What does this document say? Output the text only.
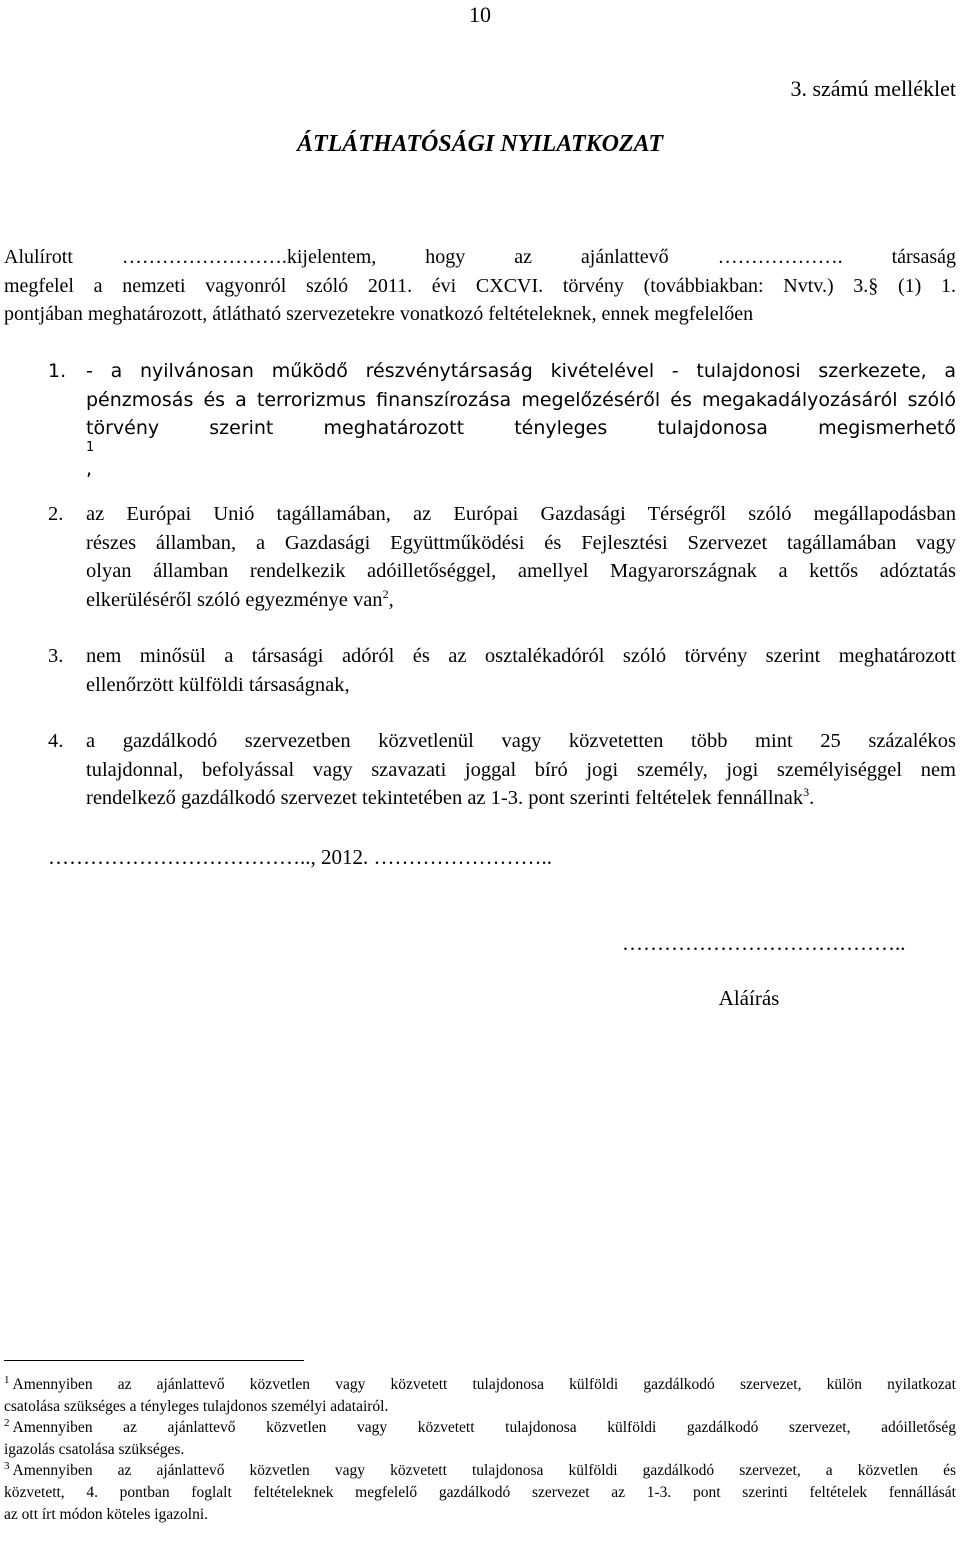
10
3. számú melléklet
ÁTLÁTHATÓSÁGI NYILATKOZAT
Alulírott …………………….kijelentem, hogy az ajánlattevő ………………. társaság
megfelel a nemzeti vagyonról szóló 2011. évi CXCVI. törvény (továbbiakban: Nvtv.) 3.§ (1) 1.
pontjában meghatározott, átlátható szervezetekre vonatkozó feltételeknek, ennek megfelelően
1. - a nyilvánosan működő részvénytársaság kivételével - tulajdonosi szerkezete, a
pénzmosás és a terrorizmus finanszírozása megelőzéséről és megakadályozásáról szóló
törvény szerint meghatározott tényleges tulajdonosa megismerhető
1
,
2. az Európai Unió tagállamában, az Európai Gazdasági Térségről szóló megállapodásban
részes államban, a Gazdasági Együttműködési és Fejlesztési Szervezet tagállamában vagy
olyan államban rendelkezik adóilletőséggel, amellyel Magyarországnak a kettős adóztatás
elkerüléséről szóló egyezménye van$^2$,
3. nem minősül a társasági adóról és az osztalékadóról szóló törvény szerint meghatározott
ellenőrzött külföldi társaságnak,
4. a gazdálkodó szervezetben közvetlenül vagy közvetetten több mint 25 százalékos
tulajdonnal, befolyással vagy szavazati joggal bíró jogi személy, jogi személyiséggel nem
rendelkező gazdálkodó szervezet tekintetében az 1-3. pont szerinti feltételek fennállnak$^3$.
……………………………….., 2012. ……………………..
…………………………………..
Aláírás
$^1$ Amennyiben az ajánlattevő közvetlen vagy közvetett tulajdonosa külföldi gazdálkodó szervezet, külön nyilatkozat
csatolása szükséges a tényleges tulajdonos személyi adatairól.
$^2$ Amennyiben az ajánlattevő közvetlen vagy közvetett tulajdonosa külföldi gazdálkodó szervezet, adóilletőség
igazolás csatolása szükséges.
$^3$ Amennyiben az ajánlattevő közvetlen vagy közvetett tulajdonosa külföldi gazdálkodó szervezet, a közvetlen és
közvetett, 4. pontban foglalt feltételeknek megfelelő gazdálkodó szervezet az 1-3. pont szerinti feltételek fennállását
az ott írt módon köteles igazolni.
